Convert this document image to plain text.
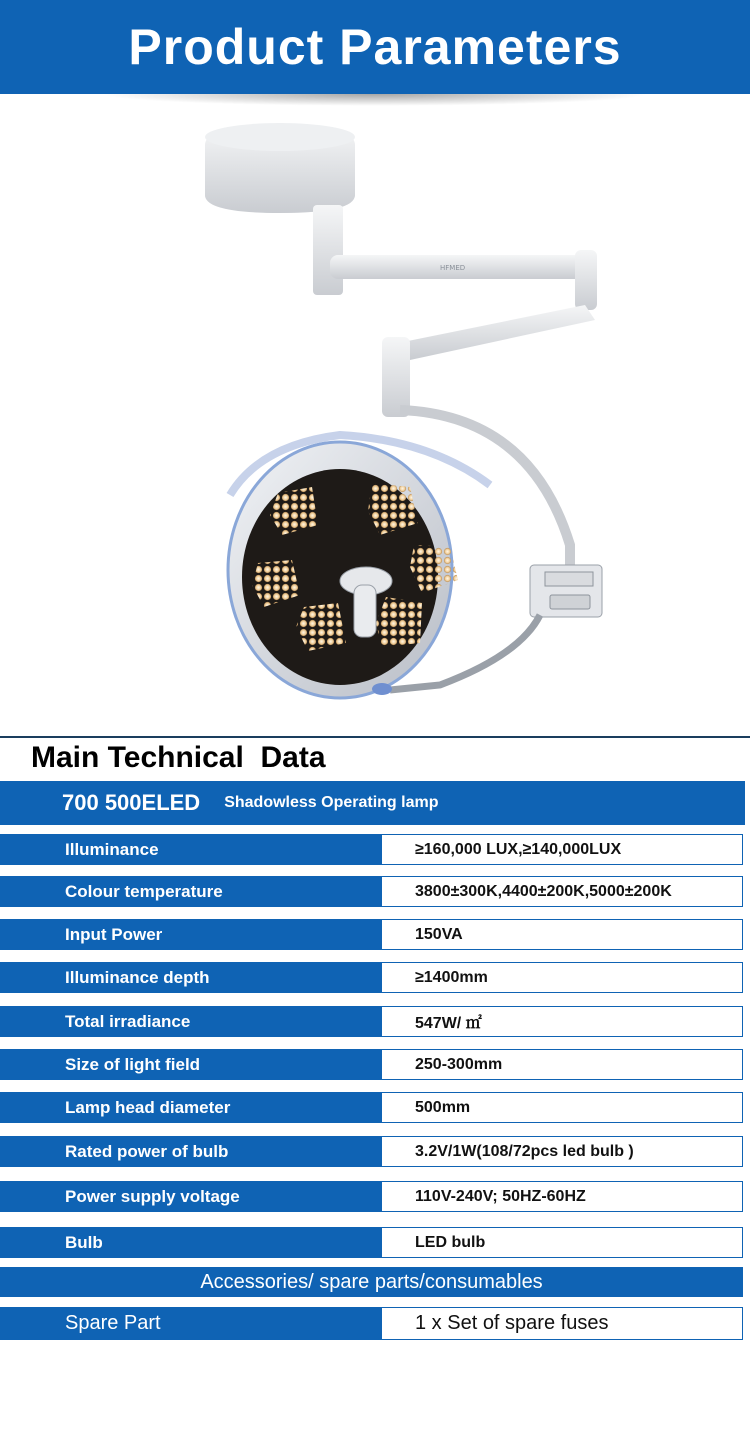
Product Parameters
HFMED
Main Technical  Data
700 500ELED Shadowless Operating lamp
Illuminance	≥160,000 LUX,≥140,000LUX
Colour temperature	3800±300K,4400±200K,5000±200K
Input Power	150VA
Illuminance depth	≥1400mm
Total irradiance	547W/ ㎡
Size of light field	250-300mm
Lamp head diameter	500mm
Rated power of bulb	3.2V/1W(108/72pcs led bulb )
Power supply voltage	110V-240V; 50HZ-60HZ
Bulb	LED bulb
Accessories/ spare parts/consumables
Spare Part	1 x Set of spare fuses
